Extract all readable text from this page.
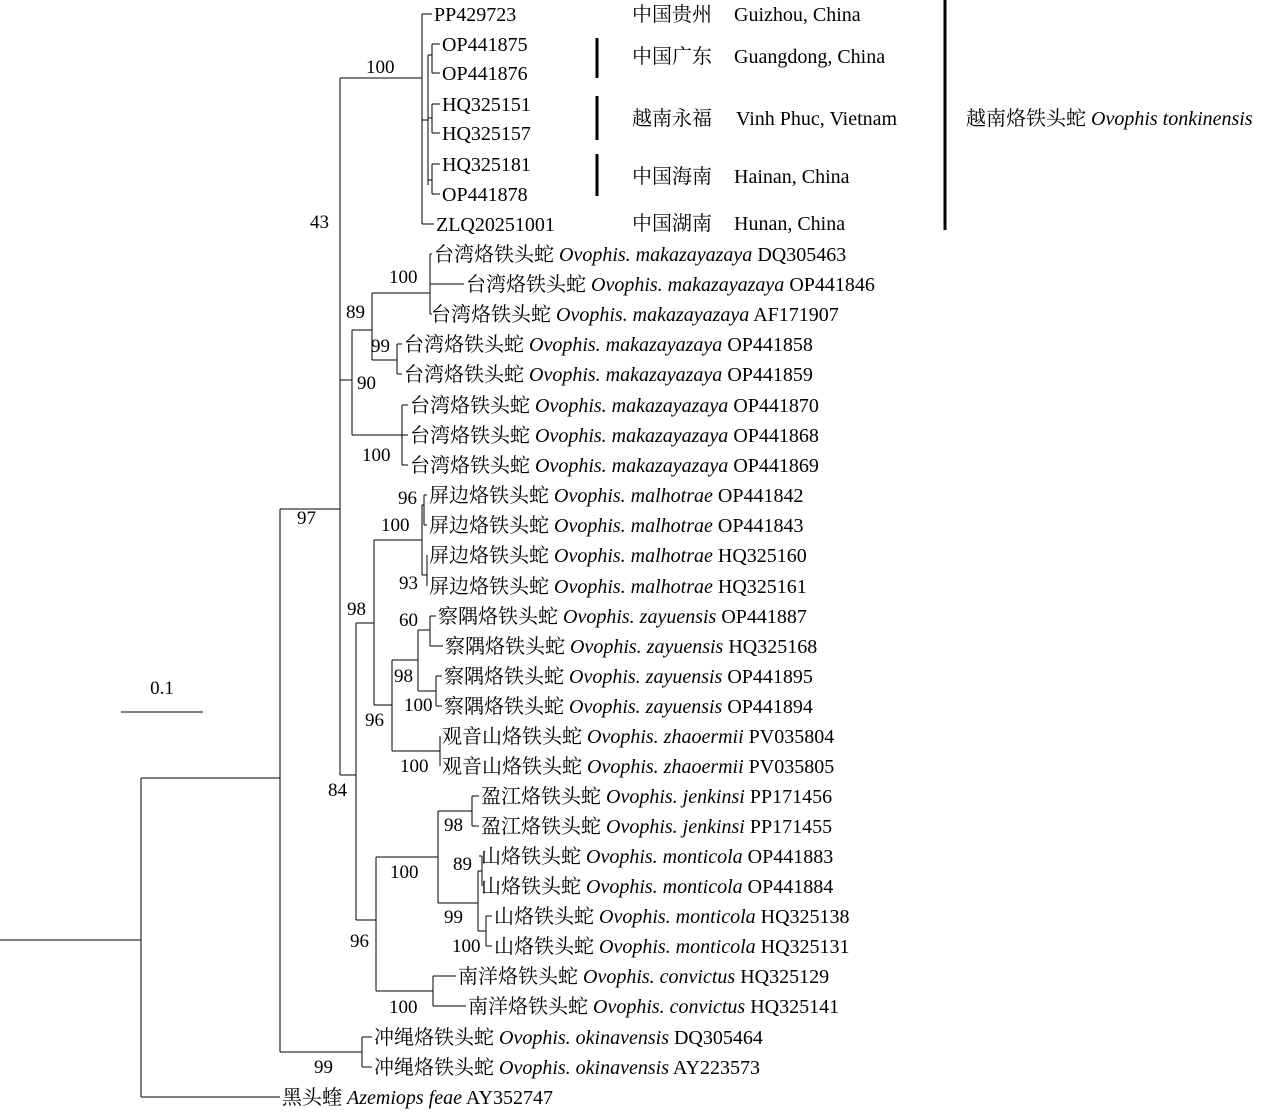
PP429723
OP441875
OP441876
HQ325151
HQ325157
HQ325181
OP441878
ZLQ20251001
台湾烙铁头蛇 Ovophis. makazayazaya DQ305463
台湾烙铁头蛇 Ovophis. makazayazaya OP441846
台湾烙铁头蛇 Ovophis. makazayazaya AF171907
台湾烙铁头蛇 Ovophis. makazayazaya OP441858
台湾烙铁头蛇 Ovophis. makazayazaya OP441859
台湾烙铁头蛇 Ovophis. makazayazaya OP441870
台湾烙铁头蛇 Ovophis. makazayazaya OP441868
台湾烙铁头蛇 Ovophis. makazayazaya OP441869
屏边烙铁头蛇 Ovophis. malhotrae OP441842
屏边烙铁头蛇 Ovophis. malhotrae OP441843
屏边烙铁头蛇 Ovophis. malhotrae HQ325160
屏边烙铁头蛇 Ovophis. malhotrae HQ325161
察隅烙铁头蛇 Ovophis. zayuensis OP441887
察隅烙铁头蛇 Ovophis. zayuensis HQ325168
察隅烙铁头蛇 Ovophis. zayuensis OP441895
察隅烙铁头蛇 Ovophis. zayuensis OP441894
观音山烙铁头蛇 Ovophis. zhaoermii PV035804
观音山烙铁头蛇 Ovophis. zhaoermii PV035805
盈江烙铁头蛇 Ovophis. jenkinsi PP171456
盈江烙铁头蛇 Ovophis. jenkinsi PP171455
山烙铁头蛇 Ovophis. monticola OP441883
山烙铁头蛇 Ovophis. monticola OP441884
山烙铁头蛇 Ovophis. monticola HQ325138
山烙铁头蛇 Ovophis. monticola HQ325131
南洋烙铁头蛇 Ovophis. convictus HQ325129
南洋烙铁头蛇 Ovophis. convictus HQ325141
冲绳烙铁头蛇 Ovophis. okinavensis DQ305464
冲绳烙铁头蛇 Ovophis. okinavensis AY223573
黑头蝰 Azemiops feae AY352747
中国贵州 Guizhou, China
中国广东 Guangdong, China
越南永福 Vinh Phuc, Vietnam
中国海南 Hainan, China
中国湖南 Hunan, China
越南烙铁头蛇 Ovophis tonkinensis
0.1
100
43
100
89
99
90
100
97
96
100
93
98
60
98
100
96
100
84
98
89
100
99
100
96
100
99
